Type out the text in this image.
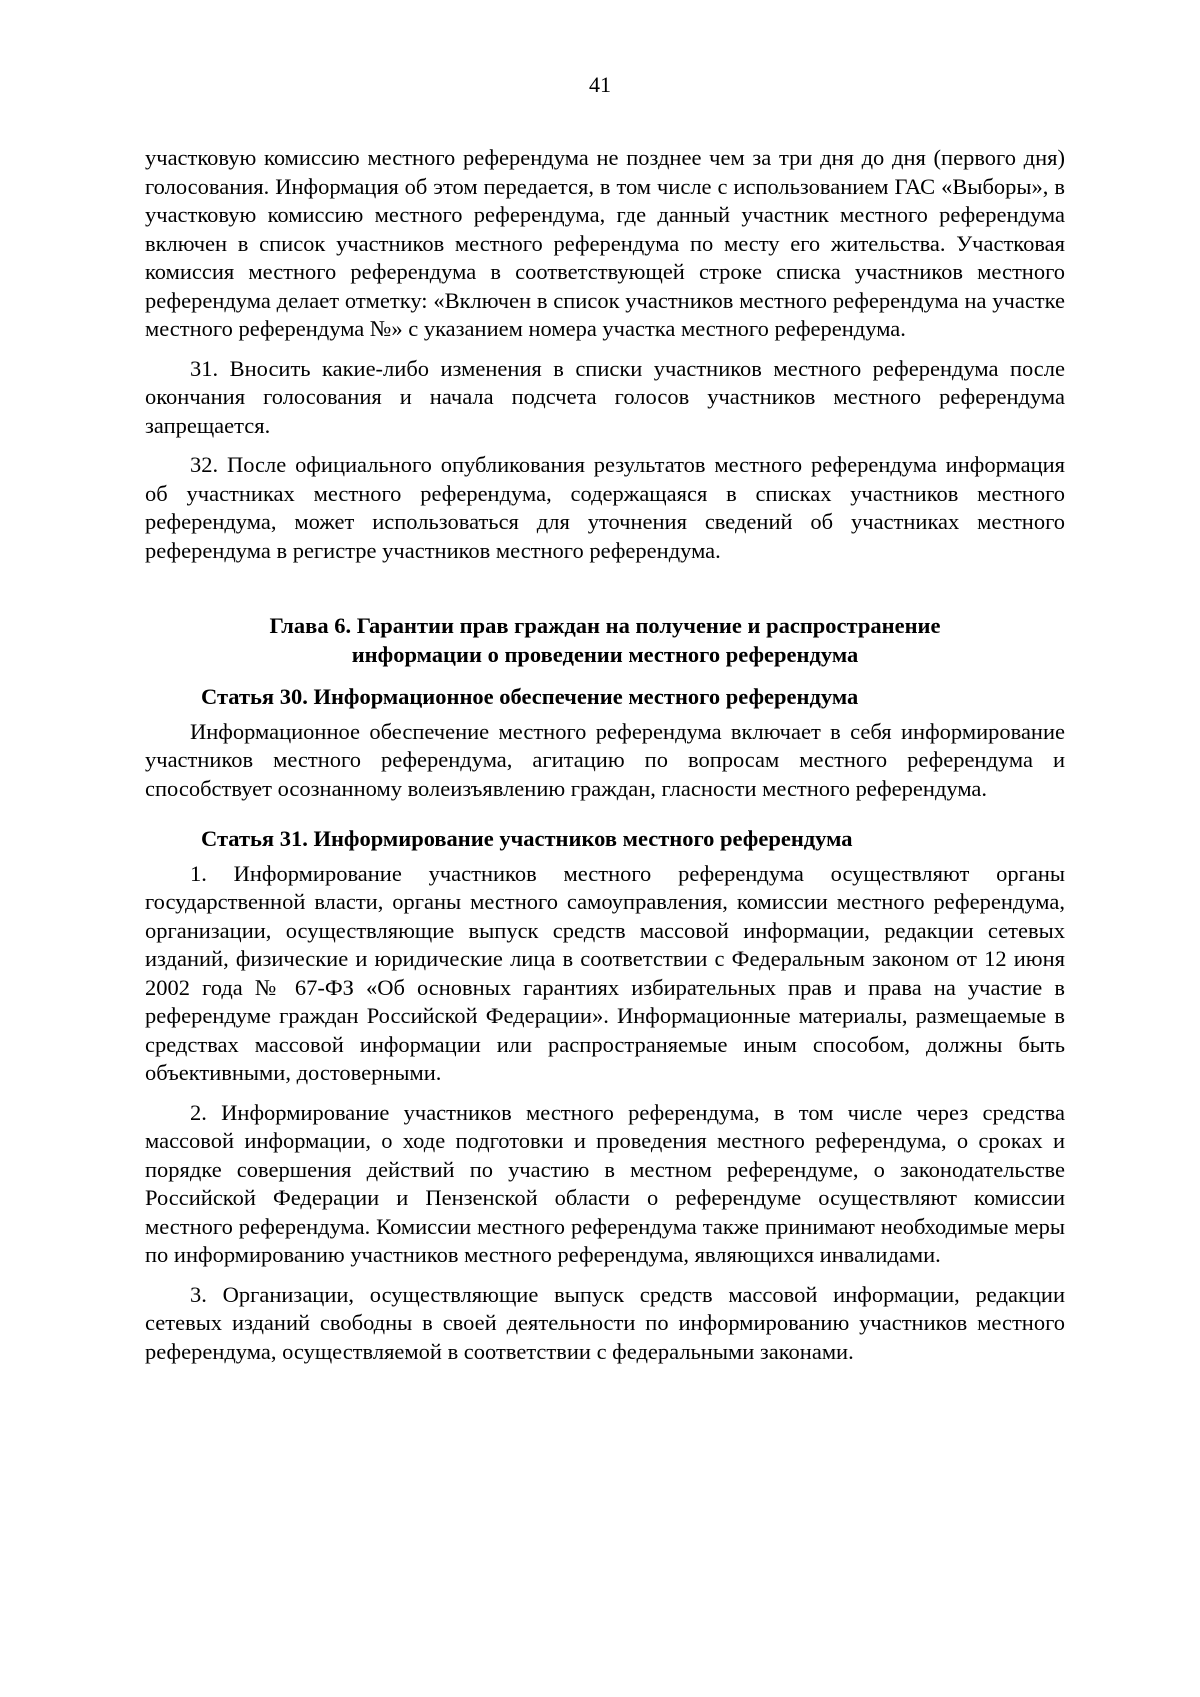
41

участковую комиссию местного референдума не позднее чем за три дня до дня (первого дня) голосования. Информация об этом передается, в том числе с использованием ГАС «Выборы», в участковую комиссию местного референдума, где данный участник местного референдума включен в список участников местного референдума по месту его жительства. Участковая комиссия местного референдума в соответствующей строке списка участников местного референдума делает отметку: «Включен в список участников местного референдума на участке местного референдума №» с указанием номера участка местного референдума.

31. Вносить какие-либо изменения в списки участников местного референдума после окончания голосования и начала подсчета голосов участников местного референдума запрещается.

32. После официального опубликования результатов местного референдума информация об участниках местного референдума, содержащаяся в списках участников местного референдума, может использоваться для уточнения сведений об участниках местного референдума в регистре участников местного референдума.

Глава 6. Гарантии прав граждан на получение и распространение
информации о проведении местного референдума
Статья 30. Информационное обеспечение местного референдума

Информационное обеспечение местного референдума включает в себя информирование участников местного референдума, агитацию по вопросам местного референдума и способствует осознанному волеизъявлению граждан, гласности местного референдума.

Статья 31. Информирование участников местного референдума

1. Информирование участников местного референдума осуществляют органы государственной власти, органы местного самоуправления, комиссии местного референдума, организации, осуществляющие выпуск средств массовой информации, редакции сетевых изданий, физические и юридические лица в соответствии с Федеральным законом от 12 июня 2002 года № 67-ФЗ «Об основных гарантиях избирательных прав и права на участие в референдуме граждан Российской Федерации». Информационные материалы, размещаемые в средствах массовой информации или распространяемые иным способом, должны быть объективными, достоверными.

2. Информирование участников местного референдума, в том числе через средства массовой информации, о ходе подготовки и проведения местного референдума, о сроках и порядке совершения действий по участию в местном референдуме, о законодательстве Российской Федерации и Пензенской области о референдуме осуществляют комиссии местного референдума. Комиссии местного референдума также принимают необходимые меры по информированию участников местного референдума, являющихся инвалидами.

3. Организации, осуществляющие выпуск средств массовой информации, редакции сетевых изданий свободны в своей деятельности по информированию участников местного референдума, осуществляемой в соответствии с федеральными законами.
